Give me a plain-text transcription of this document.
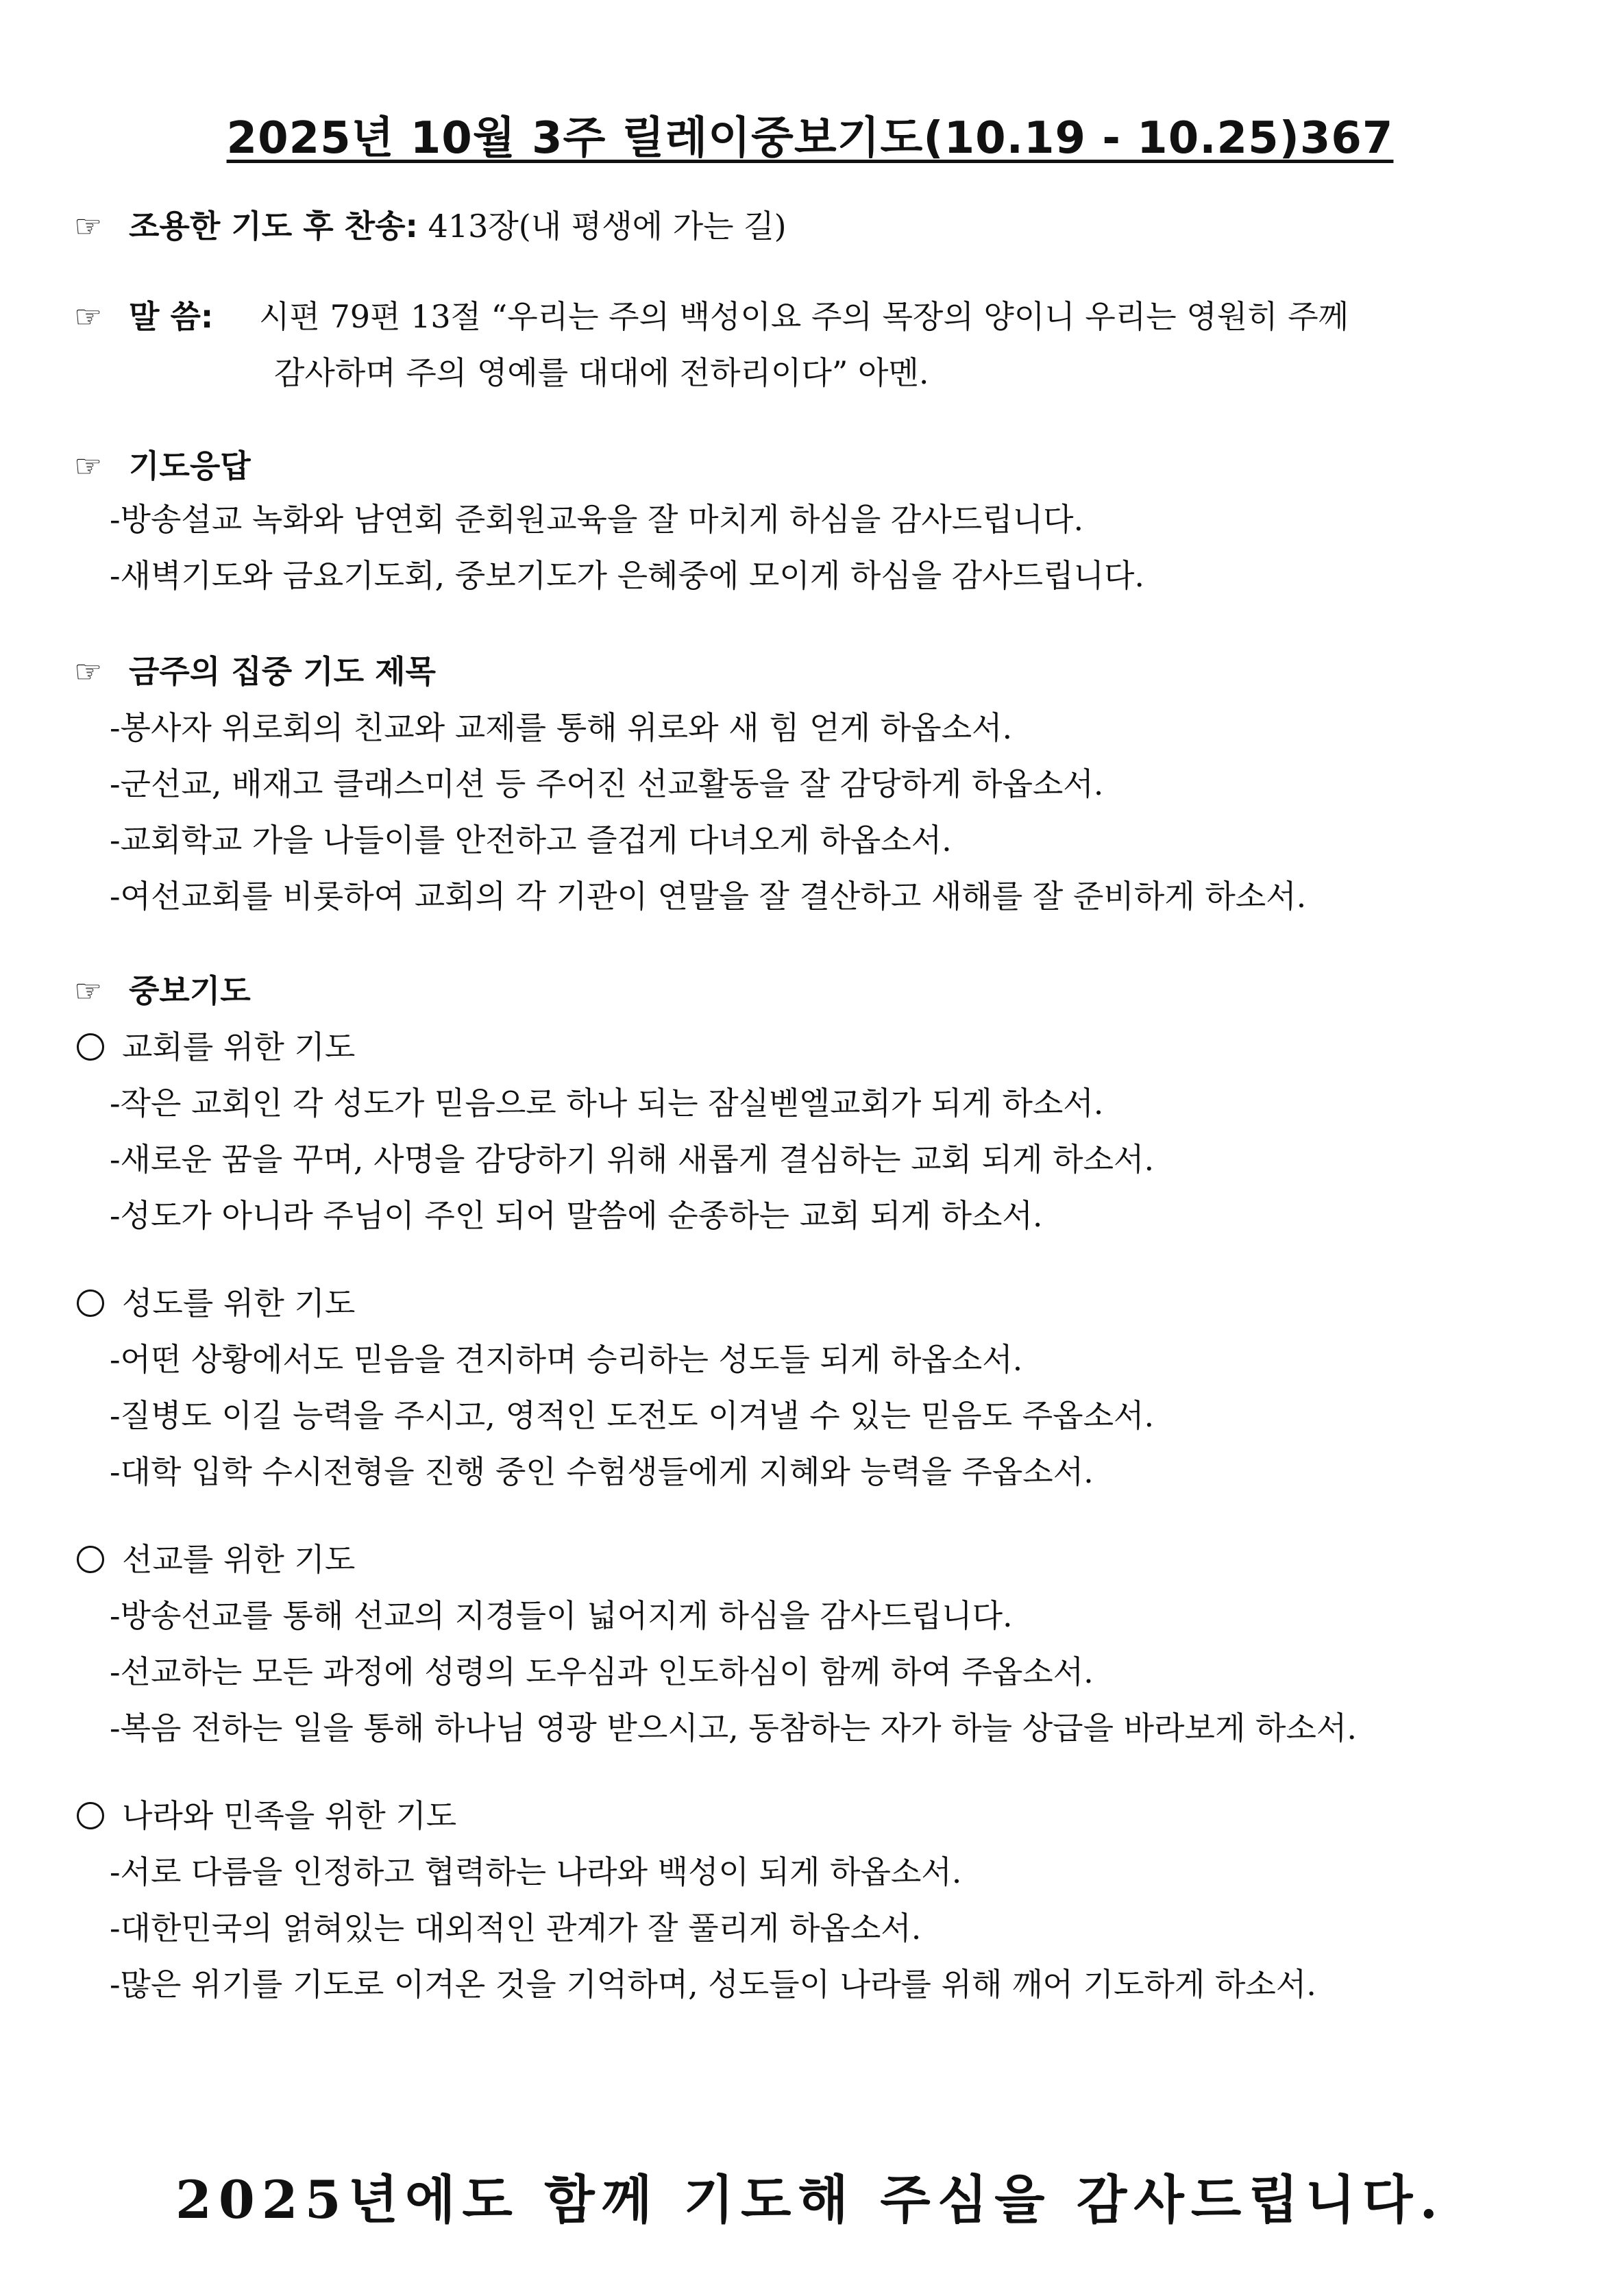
2025년 10월 3주 릴레이중보기도(10.19 - 10.25)367
☞ 조용한 기도 후 찬송: 413장(내 평생에 가는 길)
☞ 말 씀: 시편 79편 13절 “우리는 주의 백성이요 주의 목장의 양이니 우리는 영원히 주께
감사하며 주의 영예를 대대에 전하리이다” 아멘.
☞ 기도응답
-방송설교 녹화와 남연회 준회원교육을 잘 마치게 하심을 감사드립니다.
-새벽기도와 금요기도회, 중보기도가 은혜중에 모이게 하심을 감사드립니다.
☞ 금주의 집중 기도 제목
-봉사자 위로회의 친교와 교제를 통해 위로와 새 힘 얻게 하옵소서.
-군선교, 배재고 클래스미션 등 주어진 선교활동을 잘 감당하게 하옵소서.
-교회학교 가을 나들이를 안전하고 즐겁게 다녀오게 하옵소서.
-여선교회를 비롯하여 교회의 각 기관이 연말을 잘 결산하고 새해를 잘 준비하게 하소서.
☞ 중보기도
교회를 위한 기도
-작은 교회인 각 성도가 믿음으로 하나 되는 잠실벧엘교회가 되게 하소서.
-새로운 꿈을 꾸며, 사명을 감당하기 위해 새롭게 결심하는 교회 되게 하소서.
-성도가 아니라 주님이 주인 되어 말씀에 순종하는 교회 되게 하소서.
성도를 위한 기도
-어떤 상황에서도 믿음을 견지하며 승리하는 성도들 되게 하옵소서.
-질병도 이길 능력을 주시고, 영적인 도전도 이겨낼 수 있는 믿음도 주옵소서.
-대학 입학 수시전형을 진행 중인 수험생들에게 지혜와 능력을 주옵소서.
선교를 위한 기도
-방송선교를 통해 선교의 지경들이 넓어지게 하심을 감사드립니다.
-선교하는 모든 과정에 성령의 도우심과 인도하심이 함께 하여 주옵소서.
-복음 전하는 일을 통해 하나님 영광 받으시고, 동참하는 자가 하늘 상급을 바라보게 하소서.
나라와 민족을 위한 기도
-서로 다름을 인정하고 협력하는 나라와 백성이 되게 하옵소서.
-대한민국의 얽혀있는 대외적인 관계가 잘 풀리게 하옵소서.
-많은 위기를 기도로 이겨온 것을 기억하며, 성도들이 나라를 위해 깨어 기도하게 하소서.
2025년에도 함께 기도해 주심을 감사드립니다.
